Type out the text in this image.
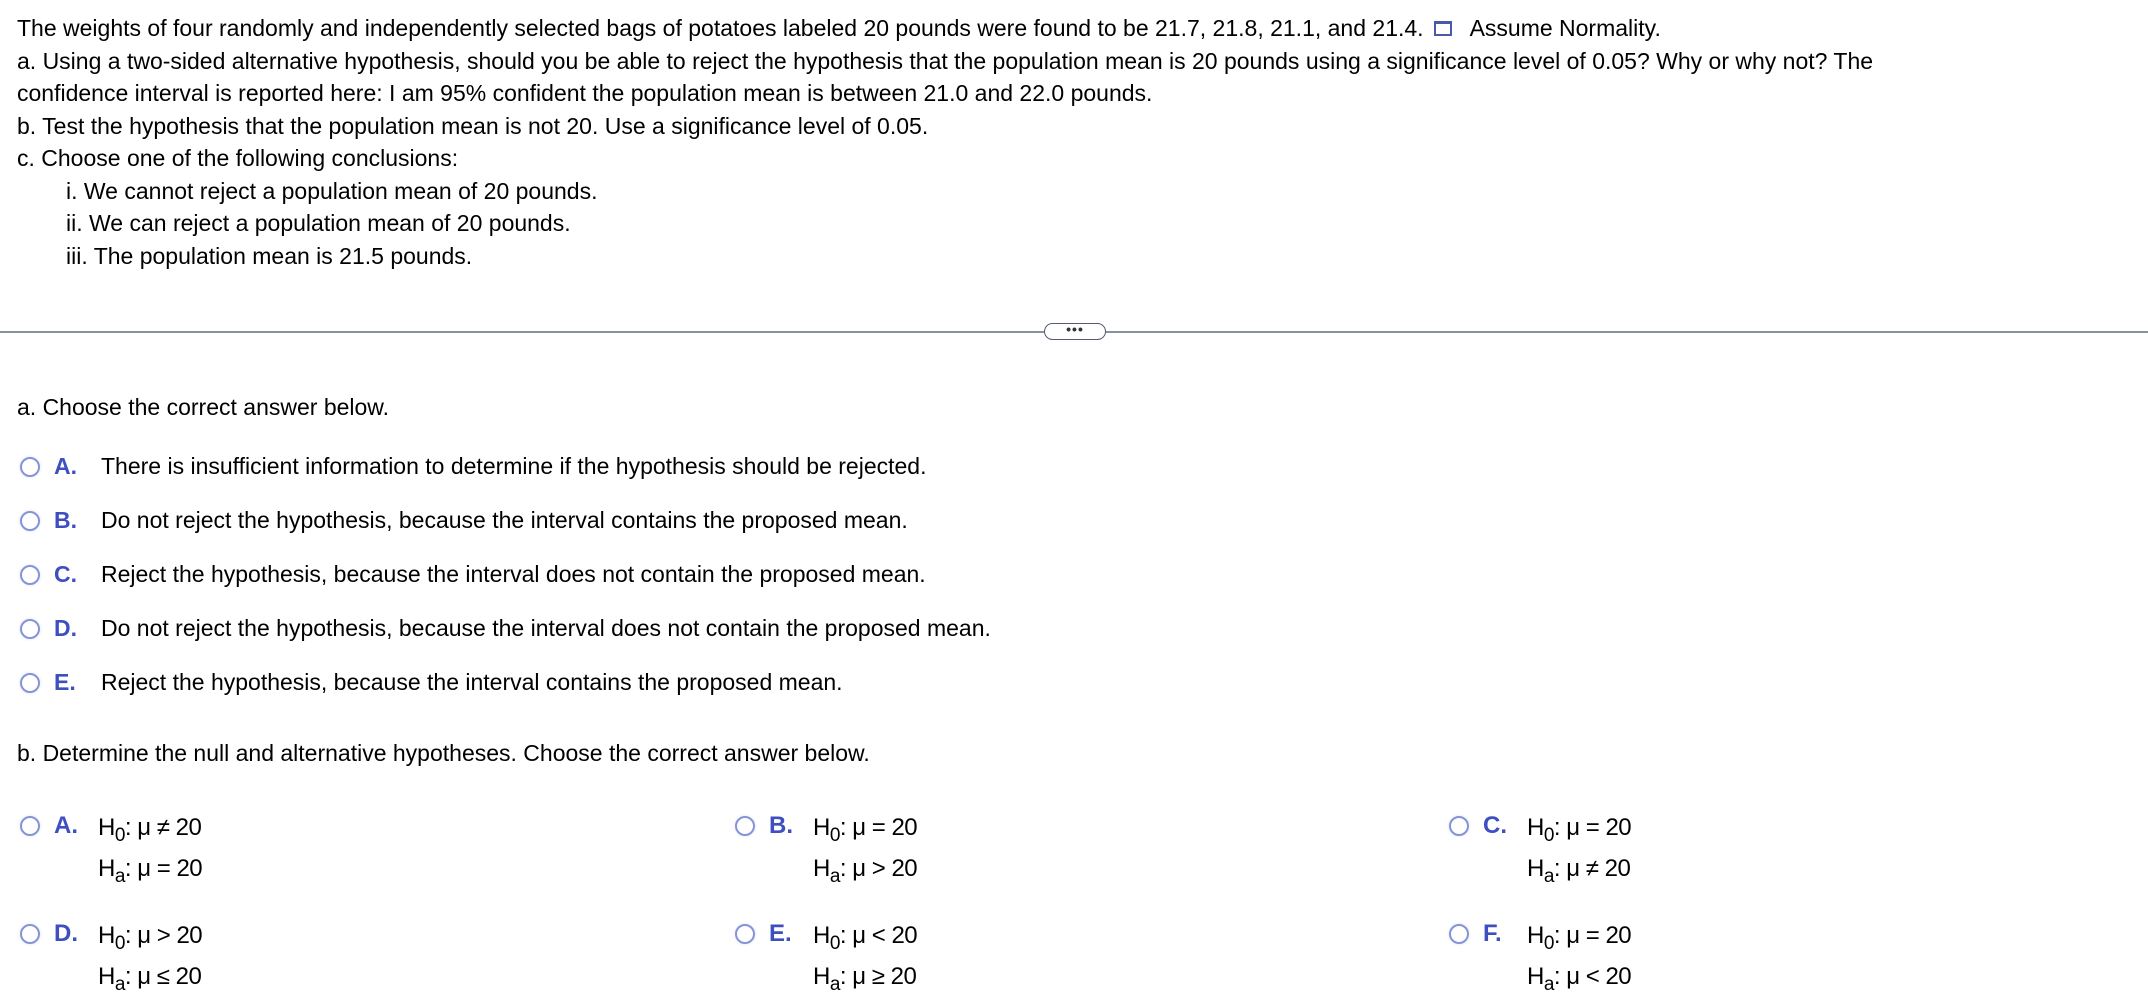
The weights of four randomly and independently selected bags of potatoes labeled 20 pounds were found to be 21.7, 21.8, 21.1, and 21.4. Assume Normality.
a. Using a two-sided alternative hypothesis, should you be able to reject the hypothesis that the population mean is 20 pounds using a significance level of 0.05? Why or why not? The
confidence interval is reported here: I am 95% confident the population mean is between 21.0 and 22.0 pounds.
b. Test the hypothesis that the population mean is not 20. Use a significance level of 0.05.
c. Choose one of the following conclusions:
i. We cannot reject a population mean of 20 pounds.
ii. We can reject a population mean of 20 pounds.
iii. The population mean is 21.5 pounds.
•••
a. Choose the correct answer below.
A.	There is insufficient information to determine if the hypothesis should be rejected.
B.	Do not reject the hypothesis, because the interval contains the proposed mean.
C.	Reject the hypothesis, because the interval does not contain the proposed mean.
D.	Do not reject the hypothesis, because the interval does not contain the proposed mean.
E.	Reject the hypothesis, because the interval contains the proposed mean.
b. Determine the null and alternative hypotheses. Choose the correct answer below.
A. $H_0$: μ ≠ 20
$H_a$: μ = 20
B. $H_0$: μ = 20
$H_a$: μ > 20
C. $H_0$: μ = 20
$H_a$: μ ≠ 20
D. $H_0$: μ > 20
$H_a$: μ ≤ 20
E. $H_0$: μ < 20
$H_a$: μ ≥ 20
F.	$H_0$: μ = 20
$H_a$: μ < 20
